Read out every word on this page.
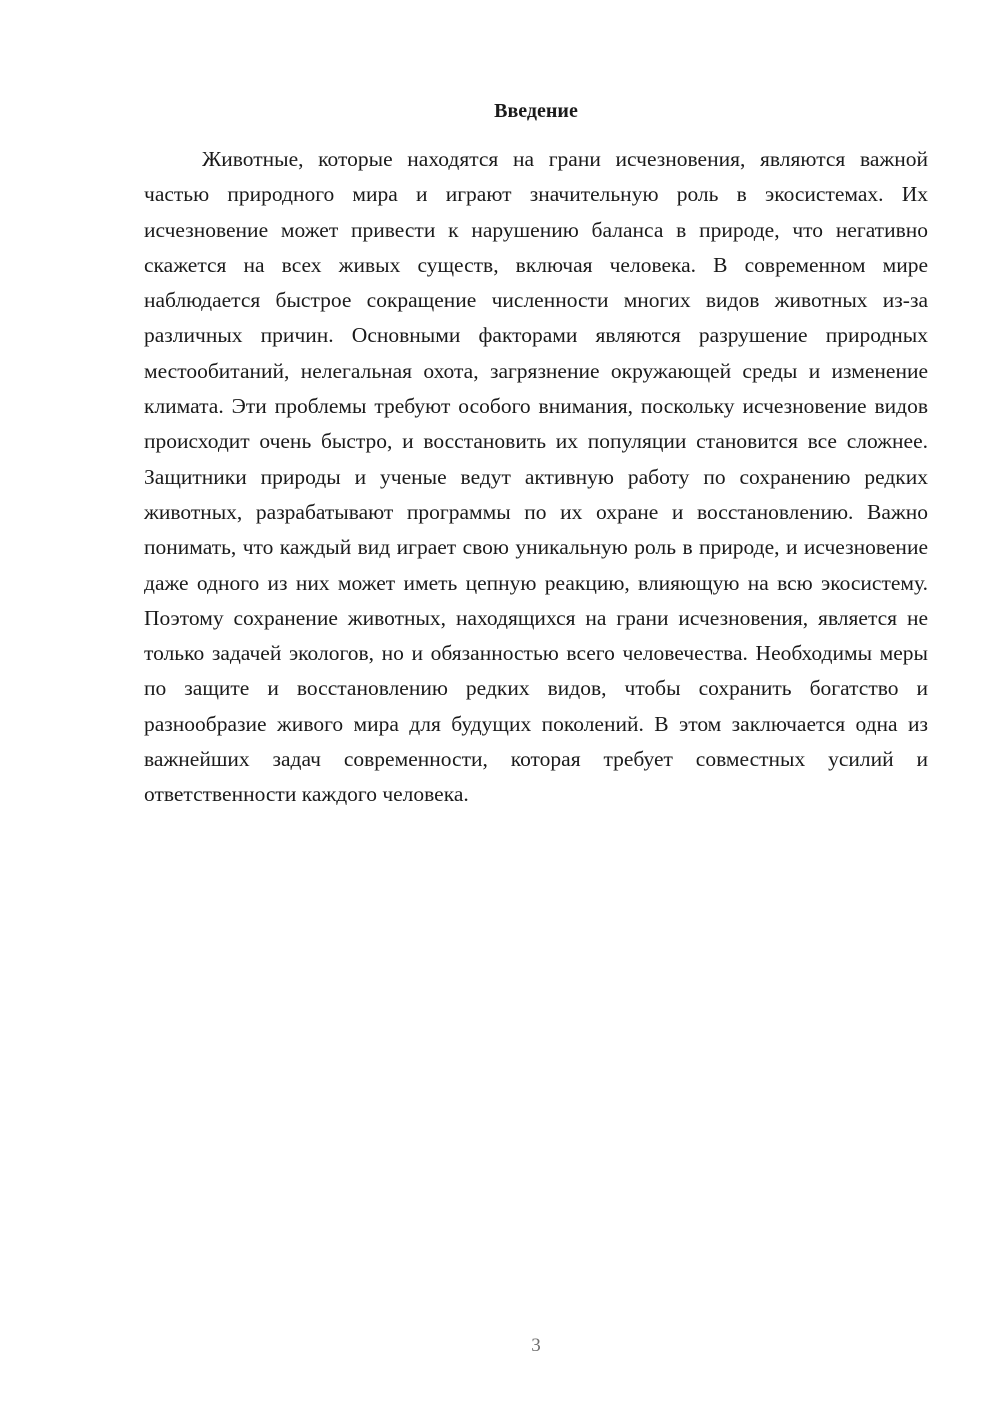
Введение

Животные, которые находятся на грани исчезновения, являются важной частью природного мира и играют значительную роль в экосистемах. Их исчезновение может привести к нарушению баланса в природе, что негативно скажется на всех живых существ, включая человека. В современном мире наблюдается быстрое сокращение численности многих видов животных из-за различных причин. Основными факторами являются разрушение природных местообитаний, нелегальная охота, загрязнение окружающей среды и изменение климата. Эти проблемы требуют особого внимания, поскольку исчезновение видов происходит очень быстро, и восстановить их популяции становится все сложнее. Защитники природы и ученые ведут активную работу по сохранению редких животных, разрабатывают программы по их охране и восстановлению. Важно понимать, что каждый вид играет свою уникальную роль в природе, и исчезновение даже одного из них может иметь цепную реакцию, влияющую на всю экосистему. Поэтому сохранение животных, находящихся на грани исчезновения, является не только задачей экологов, но и обязанностью всего человечества. Необходимы меры по защите и восстановлению редких видов, чтобы сохранить богатство и разнообразие живого мира для будущих поколений. В этом заключается одна из важнейших задач современности, которая требует совместных усилий и ответственности каждого человека.

3
